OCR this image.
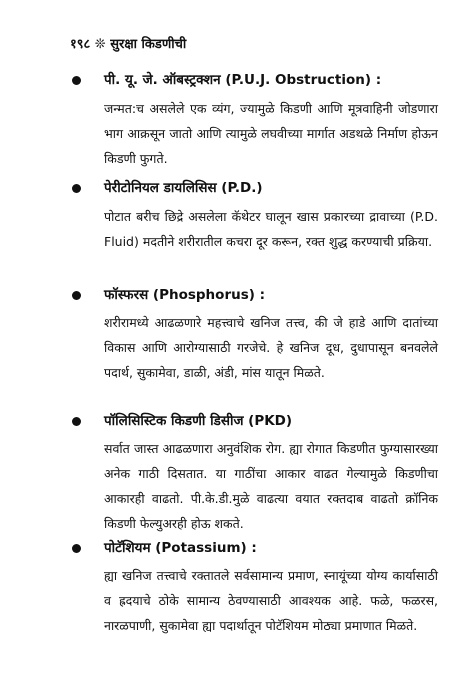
१९८ ❊ सुरक्षा किडणीची
पी. यू. जे. ऑबस्ट्रक्शन (P.U.J. Obstruction) :
जन्मत:च असलेले एक व्यंग, ज्यामुळे किडणी आणि मूत्रवाहिनी जोडणारा भाग आक्रसून जातो आणि त्यामुळे लघवीच्या मार्गात अडथळे निर्माण होऊन किडणी फुगते.
पेरीटोनियल डायलिसिस (P.D.)
पोटात बरीच छिद्रे असलेला कॅथेटर घालून खास प्रकारच्या द्रावाच्या (P.D. Fluid) मदतीने शरीरातील कचरा दूर करून, रक्त शुद्ध करण्याची प्रक्रिया.
फॉस्फरस (Phosphorus) :
शरीरामध्ये आढळणारे महत्त्वाचे खनिज तत्त्व, की जे हाडे आणि दातांच्या विकास आणि आरोग्यासाठी गरजेचे. हे खनिज दूध, दुधापासून बनवलेले पदार्थ, सुकामेवा, डाळी, अंडी, मांस यातून मिळते.
पॉलिसिस्टिक किडणी डिसीज (PKD)
सर्वात जास्त आढळणारा अनुवंशिक रोग. ह्या रोगात किडणीत फुग्यासारख्या अनेक गाठी दिसतात. या गाठींचा आकार वाढत गेल्यामुळे किडणीचा आकारही वाढतो. पी.के.डी.मुळे वाढत्या वयात रक्तदाब वाढतो क्रॉनिक किडणी फेल्युअरही होऊ शकते.
पोटॅशियम (Potassium) :
ह्या खनिज तत्त्वाचे रक्तातले सर्वसामान्य प्रमाण, स्नायूंच्या योग्य कार्यासाठी व ह्रदयाचे ठोके सामान्य ठेवण्यासाठी आवश्यक आहे. फळे, फळरस, नारळपाणी, सुकामेवा ह्या पदार्थातून पोटॅशियम मोठ्या प्रमाणात मिळते.
